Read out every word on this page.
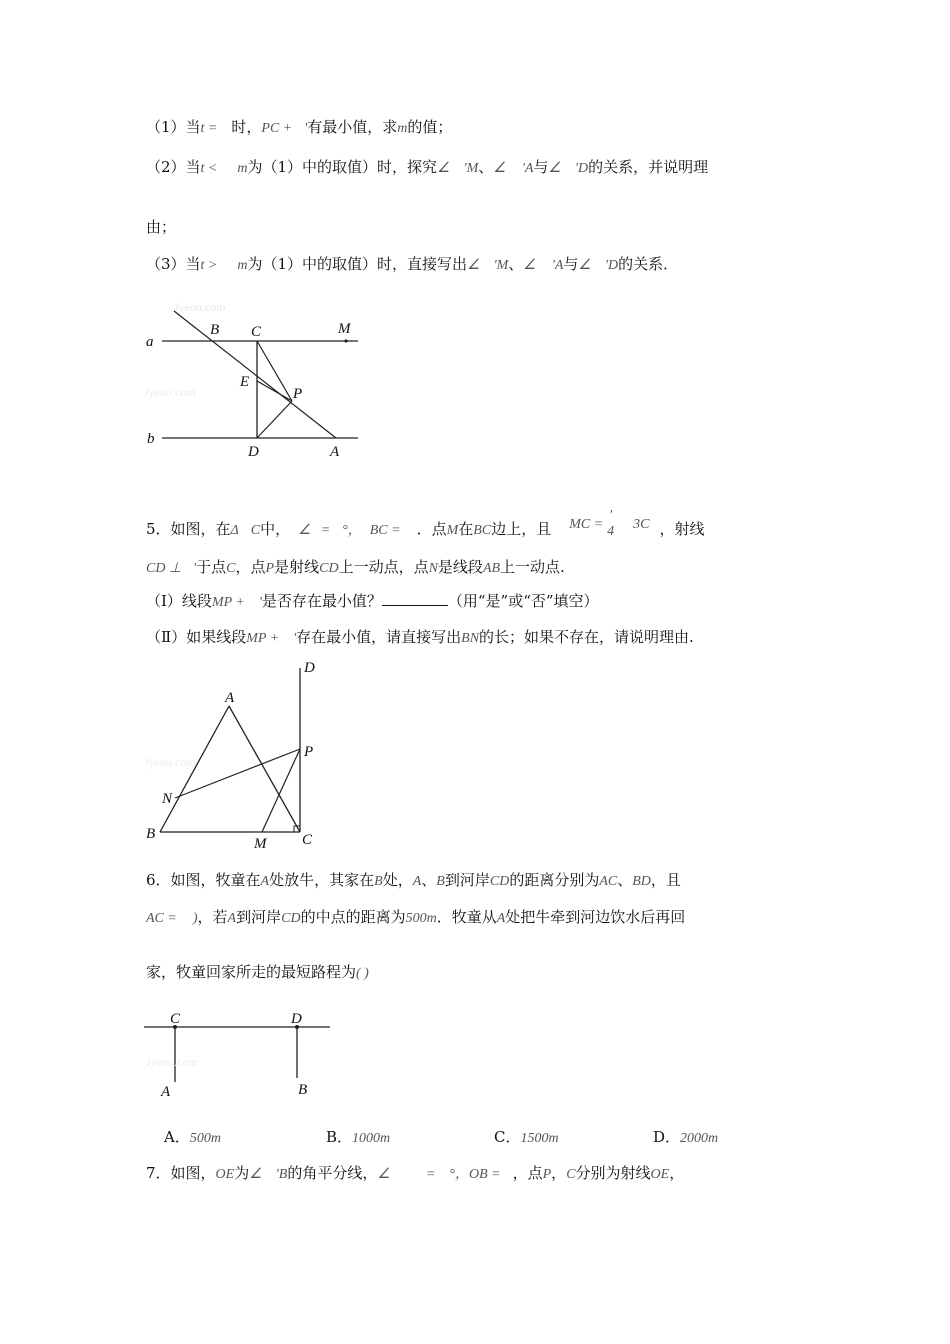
（1）当t = 时，PC + '有最小值，求m的值；
（2）当t < m为（1）中的取值）时，探究∠ 'M、∠ 'A与∠ 'D的关系，并说明理
由；
（3）当t > m为（1）中的取值）时，直接写出∠ 'M、∠ 'A与∠ 'D的关系．
Jyeoo.com
a
b
B C	M
E
P
D	A
Jyeoo.com
5．如图，在Δ C中， ∠ = °， BC = ．点M在BC边上，且 MC =
'
4 3C ，射线
CD ⊥ '于点C，点P是射线CD上一动点，点N是线段AB上一动点.
（Ⅰ）线段MP + '是否存在最小值？	（用“是”或“否”填空）
（Ⅱ）如果线段MP + '存在最小值，请直接写出BN的长；如果不存在，请说明理由.
A
B	C
D
P
N
M
Jyeoo.com
6．如图，牧童在A处放牛，其家在B处，A、B到河岸CD的距离分别为AC、BD，且
AC = )，若A到河岸CD的中点的距离为500m．牧童从A处把牛牵到河边饮水后再回
家，牧童回家所走的最短路程为( )
C	D
A	B
Jyeoo.com
A．500m	B．1000m	C．1500m	D．2000m
7．如图，OE为∠ 'B的角平分线，∠	= °，OB = ，点P，C分别为射线OE，
